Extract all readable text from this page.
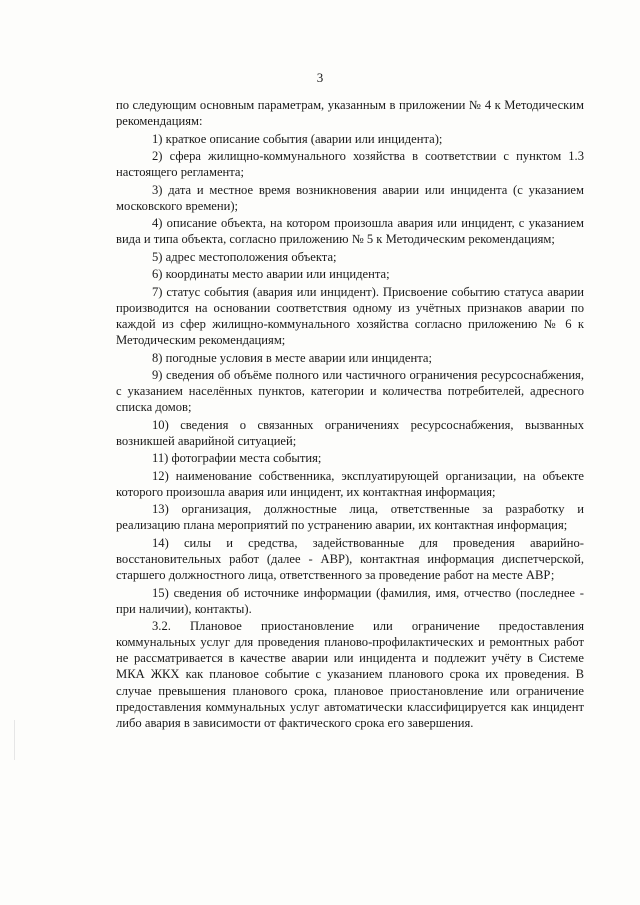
3

по следующим основным параметрам, указанным в приложении № 4 к Методическим рекомендациям:

1) краткое описание события (аварии или инцидента);

2) сфера жилищно-коммунального хозяйства в соответствии с пунктом 1.3 настоящего регламента;

3) дата и местное время возникновения аварии или инцидента (с указанием московского времени);

4) описание объекта, на котором произошла авария или инцидент, с указанием вида и типа объекта, согласно приложению № 5 к Методическим рекомендациям;

5) адрес местоположения объекта;

6) координаты место аварии или инцидента;

7) статус события (авария или инцидент). Присвоение событию статуса аварии производится на основании соответствия одному из учётных признаков аварии по каждой из сфер жилищно-коммунального хозяйства согласно приложению № 6 к Методическим рекомендациям;

8) погодные условия в месте аварии или инцидента;

9) сведения об объёме полного или частичного ограничения ресурсоснабжения, с указанием населённых пунктов, категории и количества потребителей, адресного списка домов;

10) сведения о связанных ограничениях ресурсоснабжения, вызванных возникшей аварийной ситуацией;

11) фотографии места события;

12) наименование собственника, эксплуатирующей организации, на объекте которого произошла авария или инцидент, их контактная информация;

13) организация, должностные лица, ответственные за разработку и реализацию плана мероприятий по устранению аварии, их контактная информация;

14) силы и средства, задействованные для проведения аварийно-восстановительных работ (далее - АВР), контактная информация диспетчерской, старшего должностного лица, ответственного за проведение работ на месте АВР;

15) сведения об источнике информации (фамилия, имя, отчество (последнее - при наличии), контакты).

3.2. Плановое приостановление или ограничение предоставления коммунальных услуг для проведения планово-профилактических и ремонтных работ не рассматривается в качестве аварии или инцидента и подлежит учёту в Системе МКА ЖКХ как плановое событие с указанием планового срока их проведения. В случае превышения планового срока, плановое приостановление или ограничение предоставления коммунальных услуг автоматически классифицируется как инцидент либо авария в зависимости от фактического срока его завершения.
